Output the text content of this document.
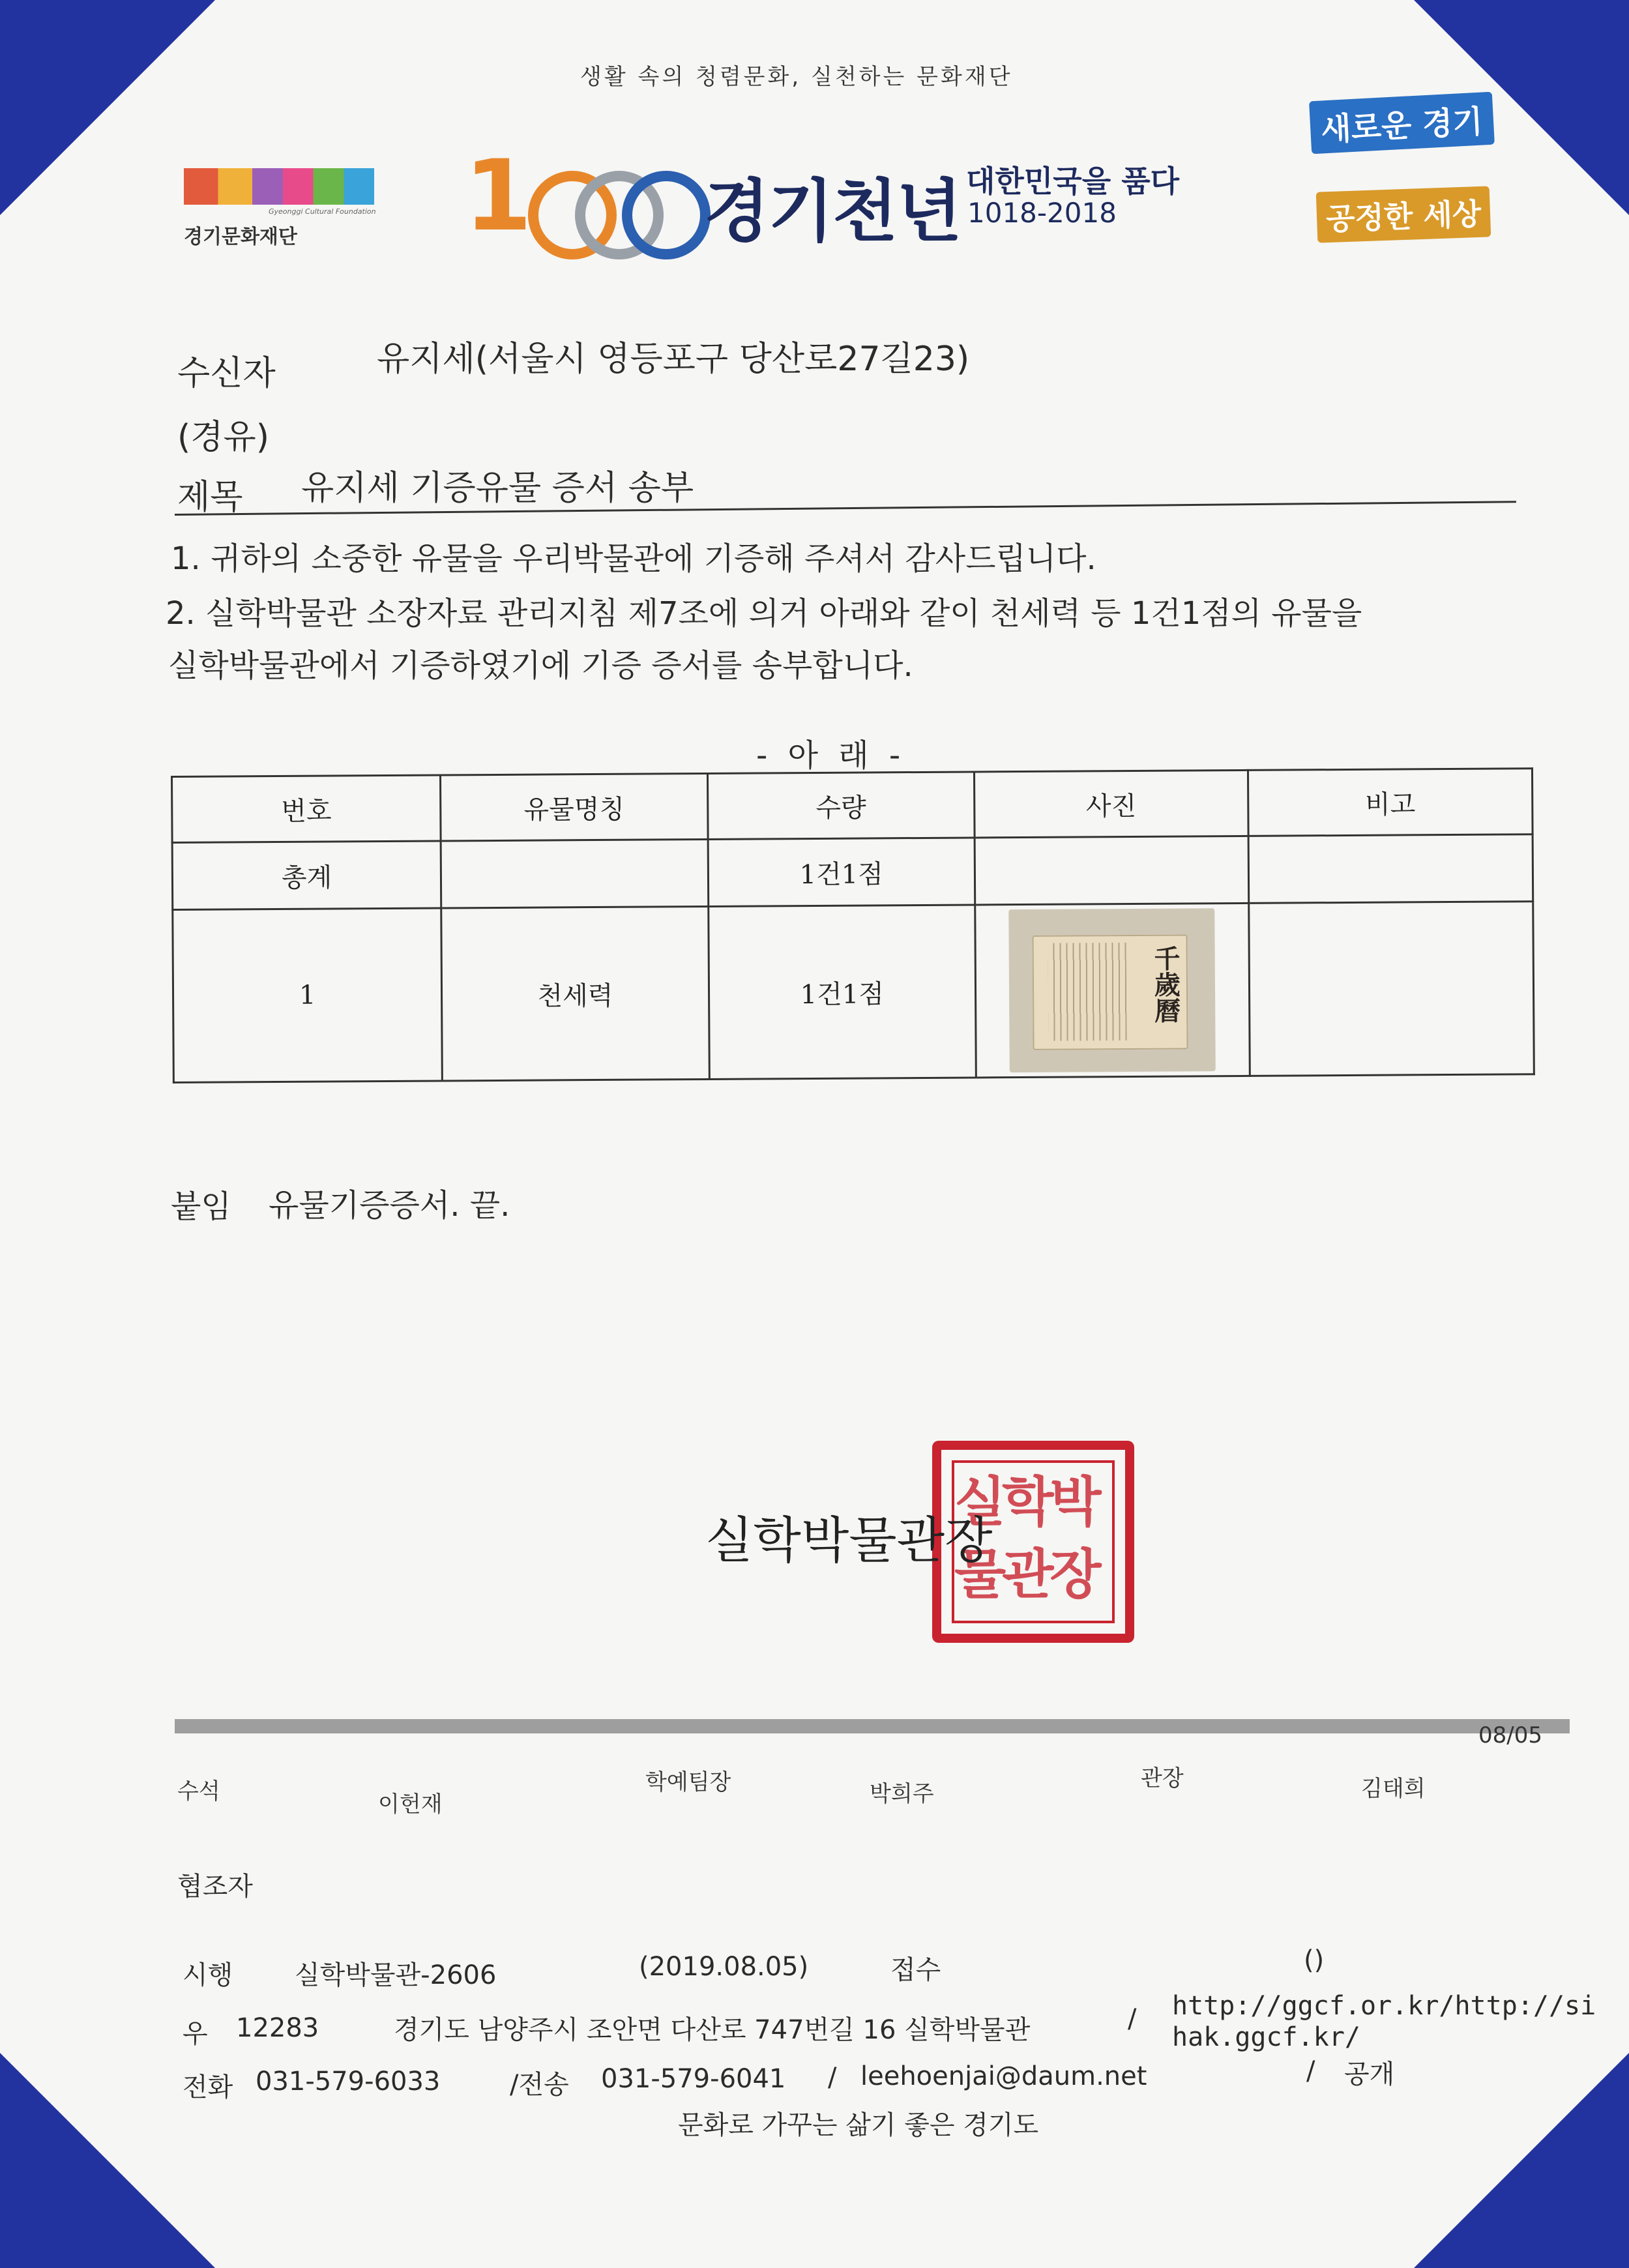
생활 속의 청렴문화, 실천하는 문화재단
Gyeonggi Cultural Foundation
경기문화재단 1	경기천년 대한민국을 품다
1018-2018
새로운 경기
공정한 세상
수신자	유지세(서울시 영등포구 당산로27길23)
(경유)
제목 유지세 기증유물 증서 송부
1. 귀하의 소중한 유물을 우리박물관에 기증해 주셔서 감사드립니다.
2. 실학박물관 소장자료 관리지침 제7조에 의거 아래와 같이 천세력 등 1건1점의 유물을
실학박물관에서 기증하였기에 기증 증서를 송부합니다.
- 아 래 -
번호	유물명칭	수량	사진	비고
총계		1건1점		
1	천세력	1건1점	千歲曆	

붙임 유물기증증서. 끝.
실학박물관장
실학박물관장
08/05
수석	이헌재
학예팀장	박희주
관장	김태희
협조자
시행 실학박물관-2606	(2019.08.05)	접수	()
우 12283	경기도 남양주시 조안면 다산로 747번길 16 실학박물관	/ http://ggcf.or.kr/http://si
hak.ggcf.kr/
전화 031-579-6033	/전송 031-579-6041 / leehoenjai@daum.net	/ 공개
문화로 가꾸는 삶기 좋은 경기도
